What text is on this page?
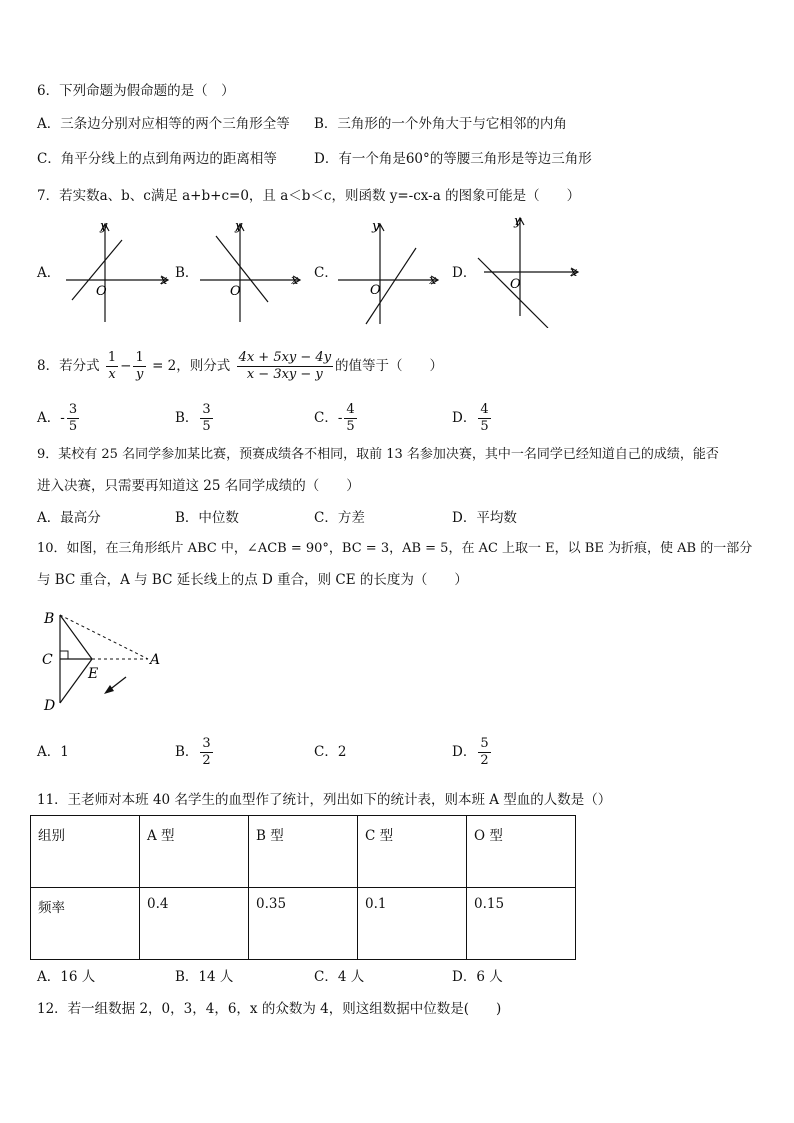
6．下列命题为假命题的是（　）
A．三条边分别对应相等的两个三角形全等 B．三角形的一个外角大于与它相邻的内角
C．角平分线上的点到角两边的距离相等	D．有一个角是60°的等腰三角形是等边三角形
7．若实数a、b、c满足 a+b+c=0，且 a＜b＜c，则函数 y=-cx-a 的图象可能是（　　）
A．	x
y
O
B．	x
y
O
C．	x
y
O
D．	x
y
O
8．若分式 $\frac{1}{x} - \frac{1}{y} = 2$，则分式 $\frac{4x + 5xy - 4y}{x - 3xy - y}$ 的值等于（　　）
A．- $\frac{3}{5}$	B． $\frac{3}{5}$	C．- $\frac{4}{5}$	D． $\frac{4}{5}$
9．某校有 25 名同学参加某比赛，预赛成绩各不相同，取前 13 名参加决赛，其中一名同学已经知道自己的成绩，能否
进入决赛，只需要再知道这 25 名同学成绩的（　　）
A．最高分	B．中位数	C．方差	D．平均数
10．如图，在三角形纸片 ABC 中，∠ACB = 90°，BC = 3，AB = 5，在 AC 上取一 E，以 BE 为折痕，使 AB 的一部分
与 BC 重合，A 与 BC 延长线上的点 D 重合，则 CE 的长度为（　　）
B
C	A
E
D
A．1	B． $\frac{3}{2}$	C．2	D． $\frac{5}{2}$
11．王老师对本班 40 名学生的血型作了统计，列出如下的统计表，则本班 A 型血的人数是（）
组别	A 型	B 型	C 型	O 型
频率	0.4	0.35	0.1	0.15
A．16 人	B．14 人	C．4 人	D．6 人
12．若一组数据 2，0，3，4，6，x 的众数为 4，则这组数据中位数是(　　)
